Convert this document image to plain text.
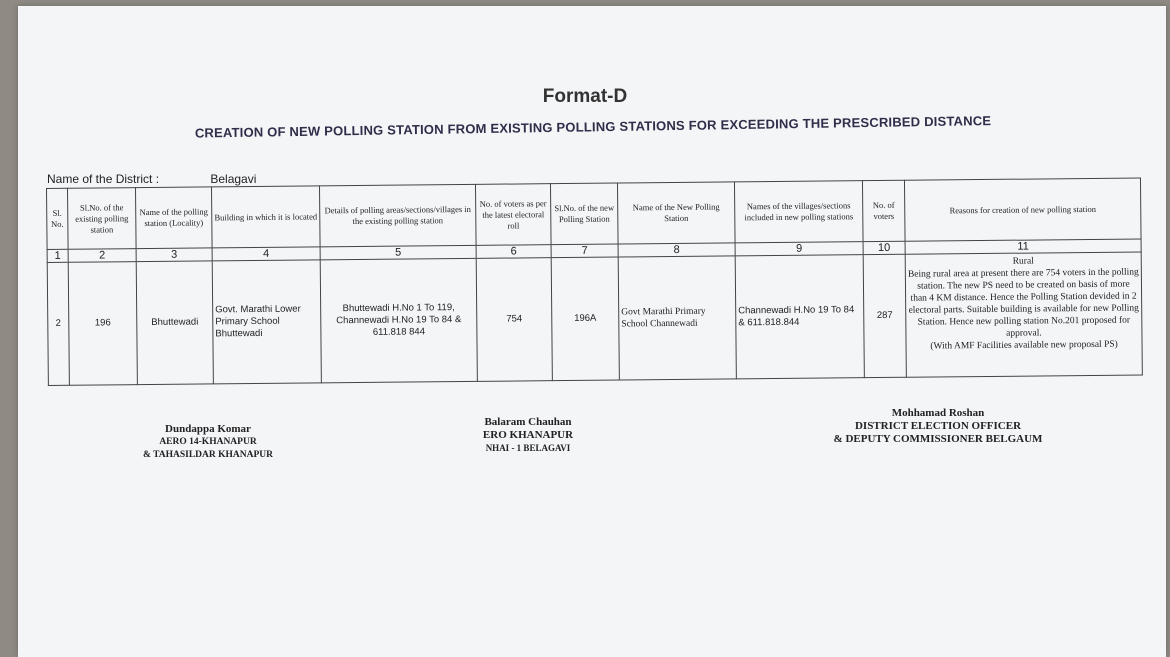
Format-D
CREATION OF NEW POLLING STATION FROM EXISTING POLLING STATIONS FOR EXCEEDING THE PRESCRIBED DISTANCE
Name of the District :	Belagavi
Sl. No.	Sl.No. of the existing polling station	Name of the polling station (Locality)	Building in which it is located	Details of polling areas/sections/villages in the existing polling station	No. of voters as per the latest electoral roll	Sl.No. of the new Polling Station	Name of the New Polling Station	Names of the villages/sections included in new polling stations	No. of voters	Reasons for creation of new polling station
1	2	3	4	5	6	7	8	9	10	11
2	196	Bhuttewadi	Govt. Marathi Lower Primary School Bhuttewadi	Bhuttewadi H.No 1 To 119, Channewadi H.No 19 To 84 & 611.818 844	754	196A	Govt Marathi Primary School Channewadi	Channewadi H.No 19 To 84 & 611.818.844	287	Rural
Being rural area at present there are 754 voters in the polling station. The new PS need to be created on basis of more than 4 KM distance. Hence the Polling Station devided in 2 electoral parts. Suitable building is available for new Polling Station. Hence new polling station No.201 proposed for approval.
(With AMF Facilities available new proposal PS)
Dundappa Komar
AERO 14-KHANAPUR
& TAHASILDAR KHANAPUR
Balaram Chauhan
ERO KHANAPUR
NHAI - 1 BELAGAVI
Mohhamad Roshan
DISTRICT ELECTION OFFICER
& DEPUTY COMMISSIONER BELGAUM
